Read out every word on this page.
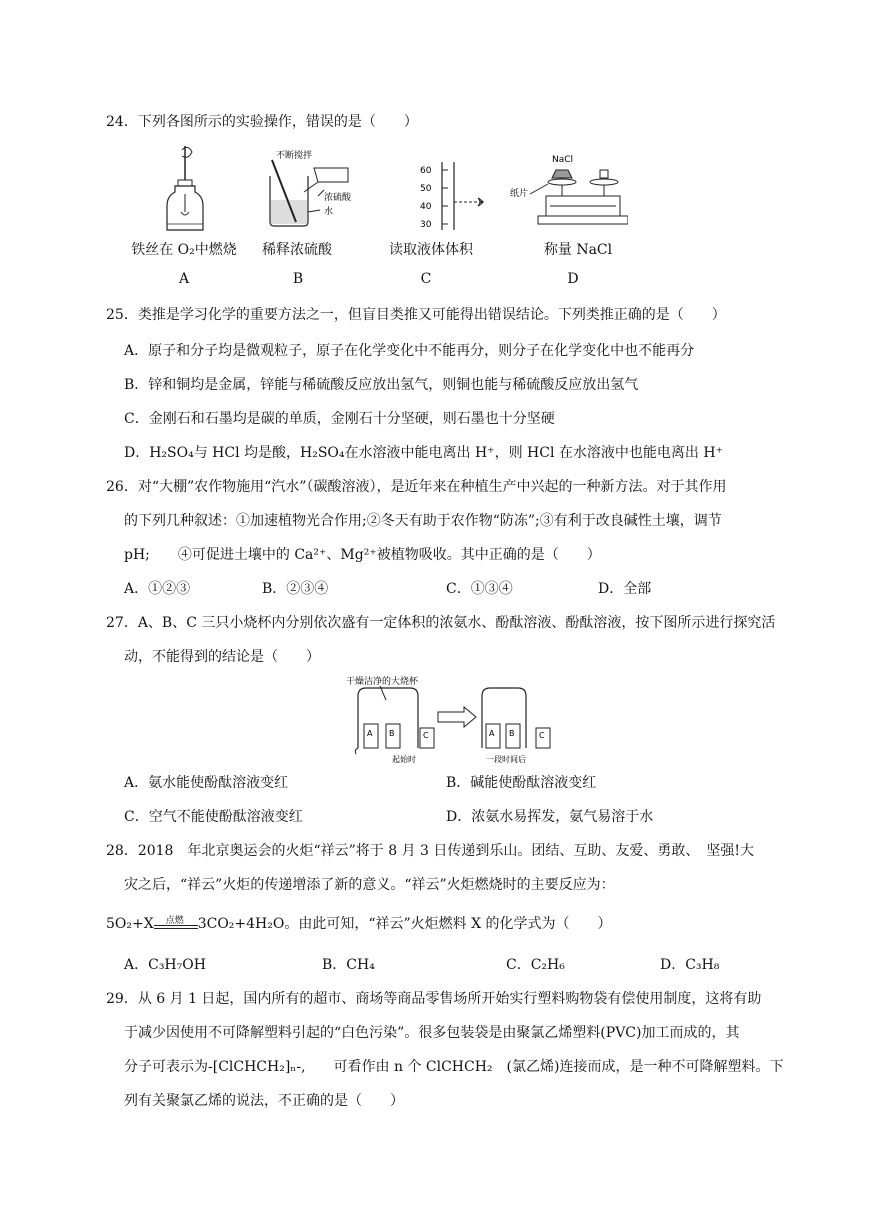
24．下列各图所示的实验操作，错误的是（　　）
铁丝在 O₂中燃烧
A
不断搅拌
浓硫酸
水
稀释浓硫酸
B
60
50
40
30
读取液体体积
C
NaCl
纸片
称量 NaCl
D
25．类推是学习化学的重要方法之一，但盲目类推又可能得出错误结论。下列类推正确的是（　　）
A．原子和分子均是微观粒子，原子在化学变化中不能再分，则分子在化学变化中也不能再分
B．锌和铜均是金属，锌能与稀硫酸反应放出氢气，则铜也能与稀硫酸反应放出氢气
C．金刚石和石墨均是碳的单质，金刚石十分坚硬，则石墨也十分坚硬
D．H₂SO₄与 HCl 均是酸，H₂SO₄在水溶液中能电离出 H⁺，则 HCl 在水溶液中也能电离出 H⁺
26．对“大棚”农作物施用“汽水”（碳酸溶液），是近年来在种植生产中兴起的一种新方法。对于其作用
的下列几种叙述：①加速植物光合作用;②冬天有助于农作物“防冻”;③有利于改良碱性土壤，调节
pH;　　④可促进土壤中的 Ca²⁺、Mg²⁺被植物吸收。其中正确的是（　　）
A．①②③	B．②③④	C．①③④	D．全部
27．A、B、C 三只小烧杯内分别依次盛有一定体积的浓氨水、酚酞溶液、酚酞溶液，按下图所示进行探究活
动，不能得到的结论是（　　）
干燥洁净的大烧杯
A B	C
起始时
A B	C
一段时间后
A．氨水能使酚酞溶液变红	B．碱能使酚酞溶液变红
C．空气不能使酚酞溶液变红	D．浓氨水易挥发，氨气易溶于水
28．2018　年北京奥运会的火炬“祥云”将于 8 月 3 日传递到乐山。团结、互助、友爱、勇敢、　坚强!大
灾之后，“祥云”火炬的传递增添了新的意义。“祥云”火炬燃烧时的主要反应为：
5O₂+X 点燃 3CO₂+4H₂O。由此可知，“祥云”火炬燃料 X 的化学式为（　　）
A．C₃H₇OH	B．CH₄	C．C₂H₆	D．C₃H₈
29．从 6 月 1 日起，国内所有的超市、商场等商品零售场所开始实行塑料购物袋有偿使用制度，这将有助
于减少因使用不可降解塑料引起的“白色污染”。很多包装袋是由聚氯乙烯塑料(PVC)加工而成的，其
分子可表示为-[ClCHCH₂]ₙ-,　　可看作由 n 个 ClCHCH₂　(氯乙烯)连接而成，是一种不可降解塑料。下
列有关聚氯乙烯的说法，不正确的是（　　）
